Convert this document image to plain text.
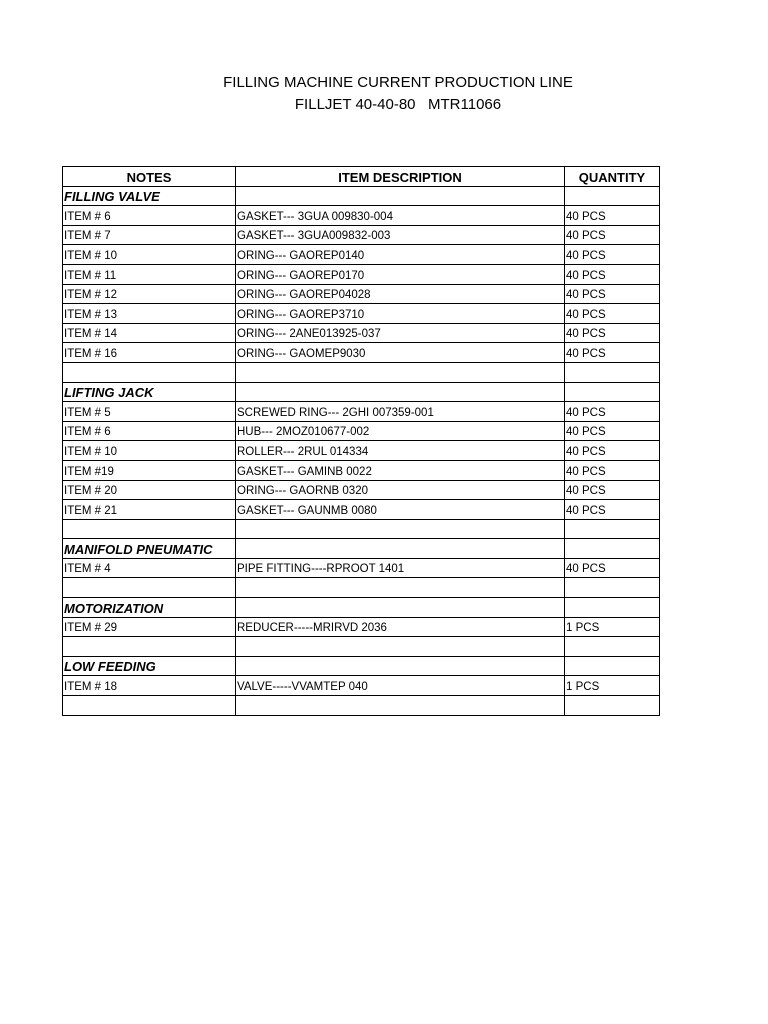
FILLING MACHINE CURRENT PRODUCTION LINE
FILLJET 40-40-80   MTR11066
NOTES	ITEM DESCRIPTION	QUANTITY
FILLING VALVE		
ITEM # 6	GASKET--- 3GUA 009830-004	40 PCS
ITEM # 7	GASKET--- 3GUA009832-003	40 PCS
ITEM # 10	ORING--- GAOREP0140	40 PCS
ITEM # 11	ORING--- GAOREP0170	40 PCS
ITEM # 12	ORING--- GAOREP04028	40 PCS
ITEM # 13	ORING--- GAOREP3710	40 PCS
ITEM # 14	ORING--- 2ANE013925-037	40 PCS
ITEM # 16	ORING--- GAOMEP9030	40 PCS

LIFTING JACK		
ITEM # 5	SCREWED RING--- 2GHI 007359-001	40 PCS
ITEM # 6	HUB--- 2MOZ010677-002	40 PCS
ITEM # 10	ROLLER--- 2RUL 014334	40 PCS
ITEM #19	GASKET--- GAMINB 0022	40 PCS
ITEM # 20	ORING--- GAORNB 0320	40 PCS
ITEM # 21	GASKET--- GAUNMB 0080	40 PCS

MANIFOLD PNEUMATIC		
ITEM # 4	PIPE FITTING----RPROOT 1401	40 PCS

MOTORIZATION		
ITEM # 29	REDUCER-----MRIRVD 2036	1 PCS

LOW FEEDING		
ITEM # 18	VALVE-----VVAMTEP 040	1 PCS
